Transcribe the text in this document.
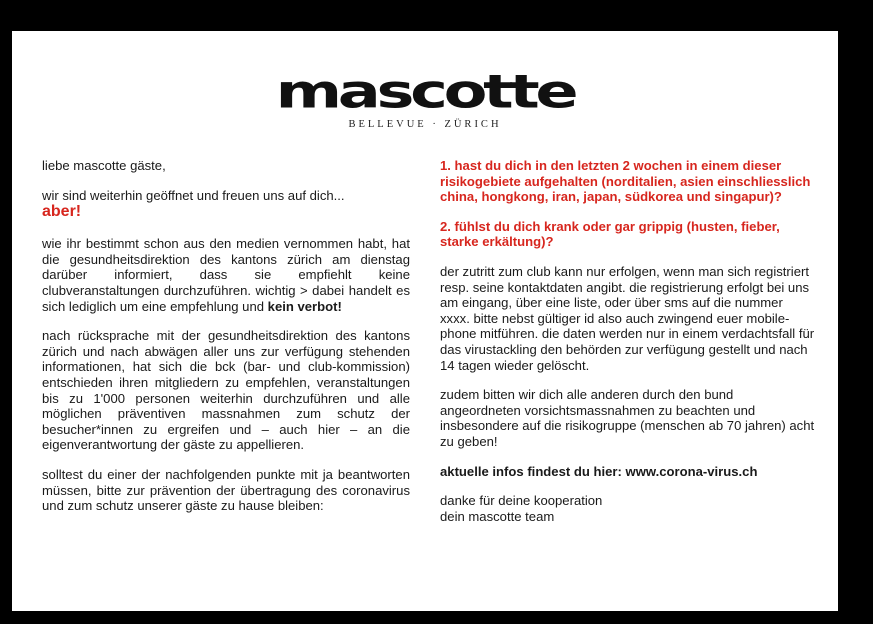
mascotte
BELLEVUE · ZÜRICH

liebe mascotte gäste,

wir sind weiterhin geöffnet und freuen uns auf dich...
aber!

wie ihr bestimmt schon aus den medien vernommen habt, hat die gesundheitsdirektion des kantons zürich am dienstag darüber informiert, dass sie empfiehlt keine clubveranstaltungen durchzuführen. wichtig > dabei handelt es sich lediglich um eine empfehlung und kein verbot!

nach rücksprache mit der gesundheitsdirektion des kantons zürich und nach abwägen aller uns zur verfügung stehenden informationen, hat sich die bck (bar- und club-kommission) entschieden ihren mitgliedern zu empfehlen, veranstaltungen bis zu 1'000 personen weiterhin durchzuführen und alle möglichen präventiven massnahmen zum schutz der besucher*innen zu ergreifen und – auch hier – an die eigenverantwortung der gäste zu appellieren.

solltest du einer der nachfolgenden punkte mit ja beantworten müssen, bitte zur prävention der übertragung des coronavirus und zum schutz unserer gäste zu hause bleiben:

1. hast du dich in den letzten 2 wochen in einem dieser risikogebiete aufgehalten (norditalien, asien einschliesslich china, hongkong, iran, japan, südkorea und singapur)?

2. fühlst du dich krank oder gar grippig (husten, fieber, starke erkältung)?

der zutritt zum club kann nur erfolgen, wenn man sich registriert resp. seine kontaktdaten angibt. die registrierung erfolgt bei uns am eingang, über eine liste, oder über sms auf die nummer xxxx. bitte nebst gültiger id also auch zwingend euer mobile-phone mitführen. die daten werden nur in einem verdachtsfall für das virustackling den behörden zur verfügung gestellt und nach 14 tagen wieder gelöscht.

zudem bitten wir dich alle anderen durch den bund angeordneten vorsichtsmassnahmen zu beachten und insbesondere auf die risikogruppe (menschen ab 70 jahren) acht zu geben!

aktuelle infos findest du hier: www.corona-virus.ch

danke für deine kooperation
dein mascotte team
